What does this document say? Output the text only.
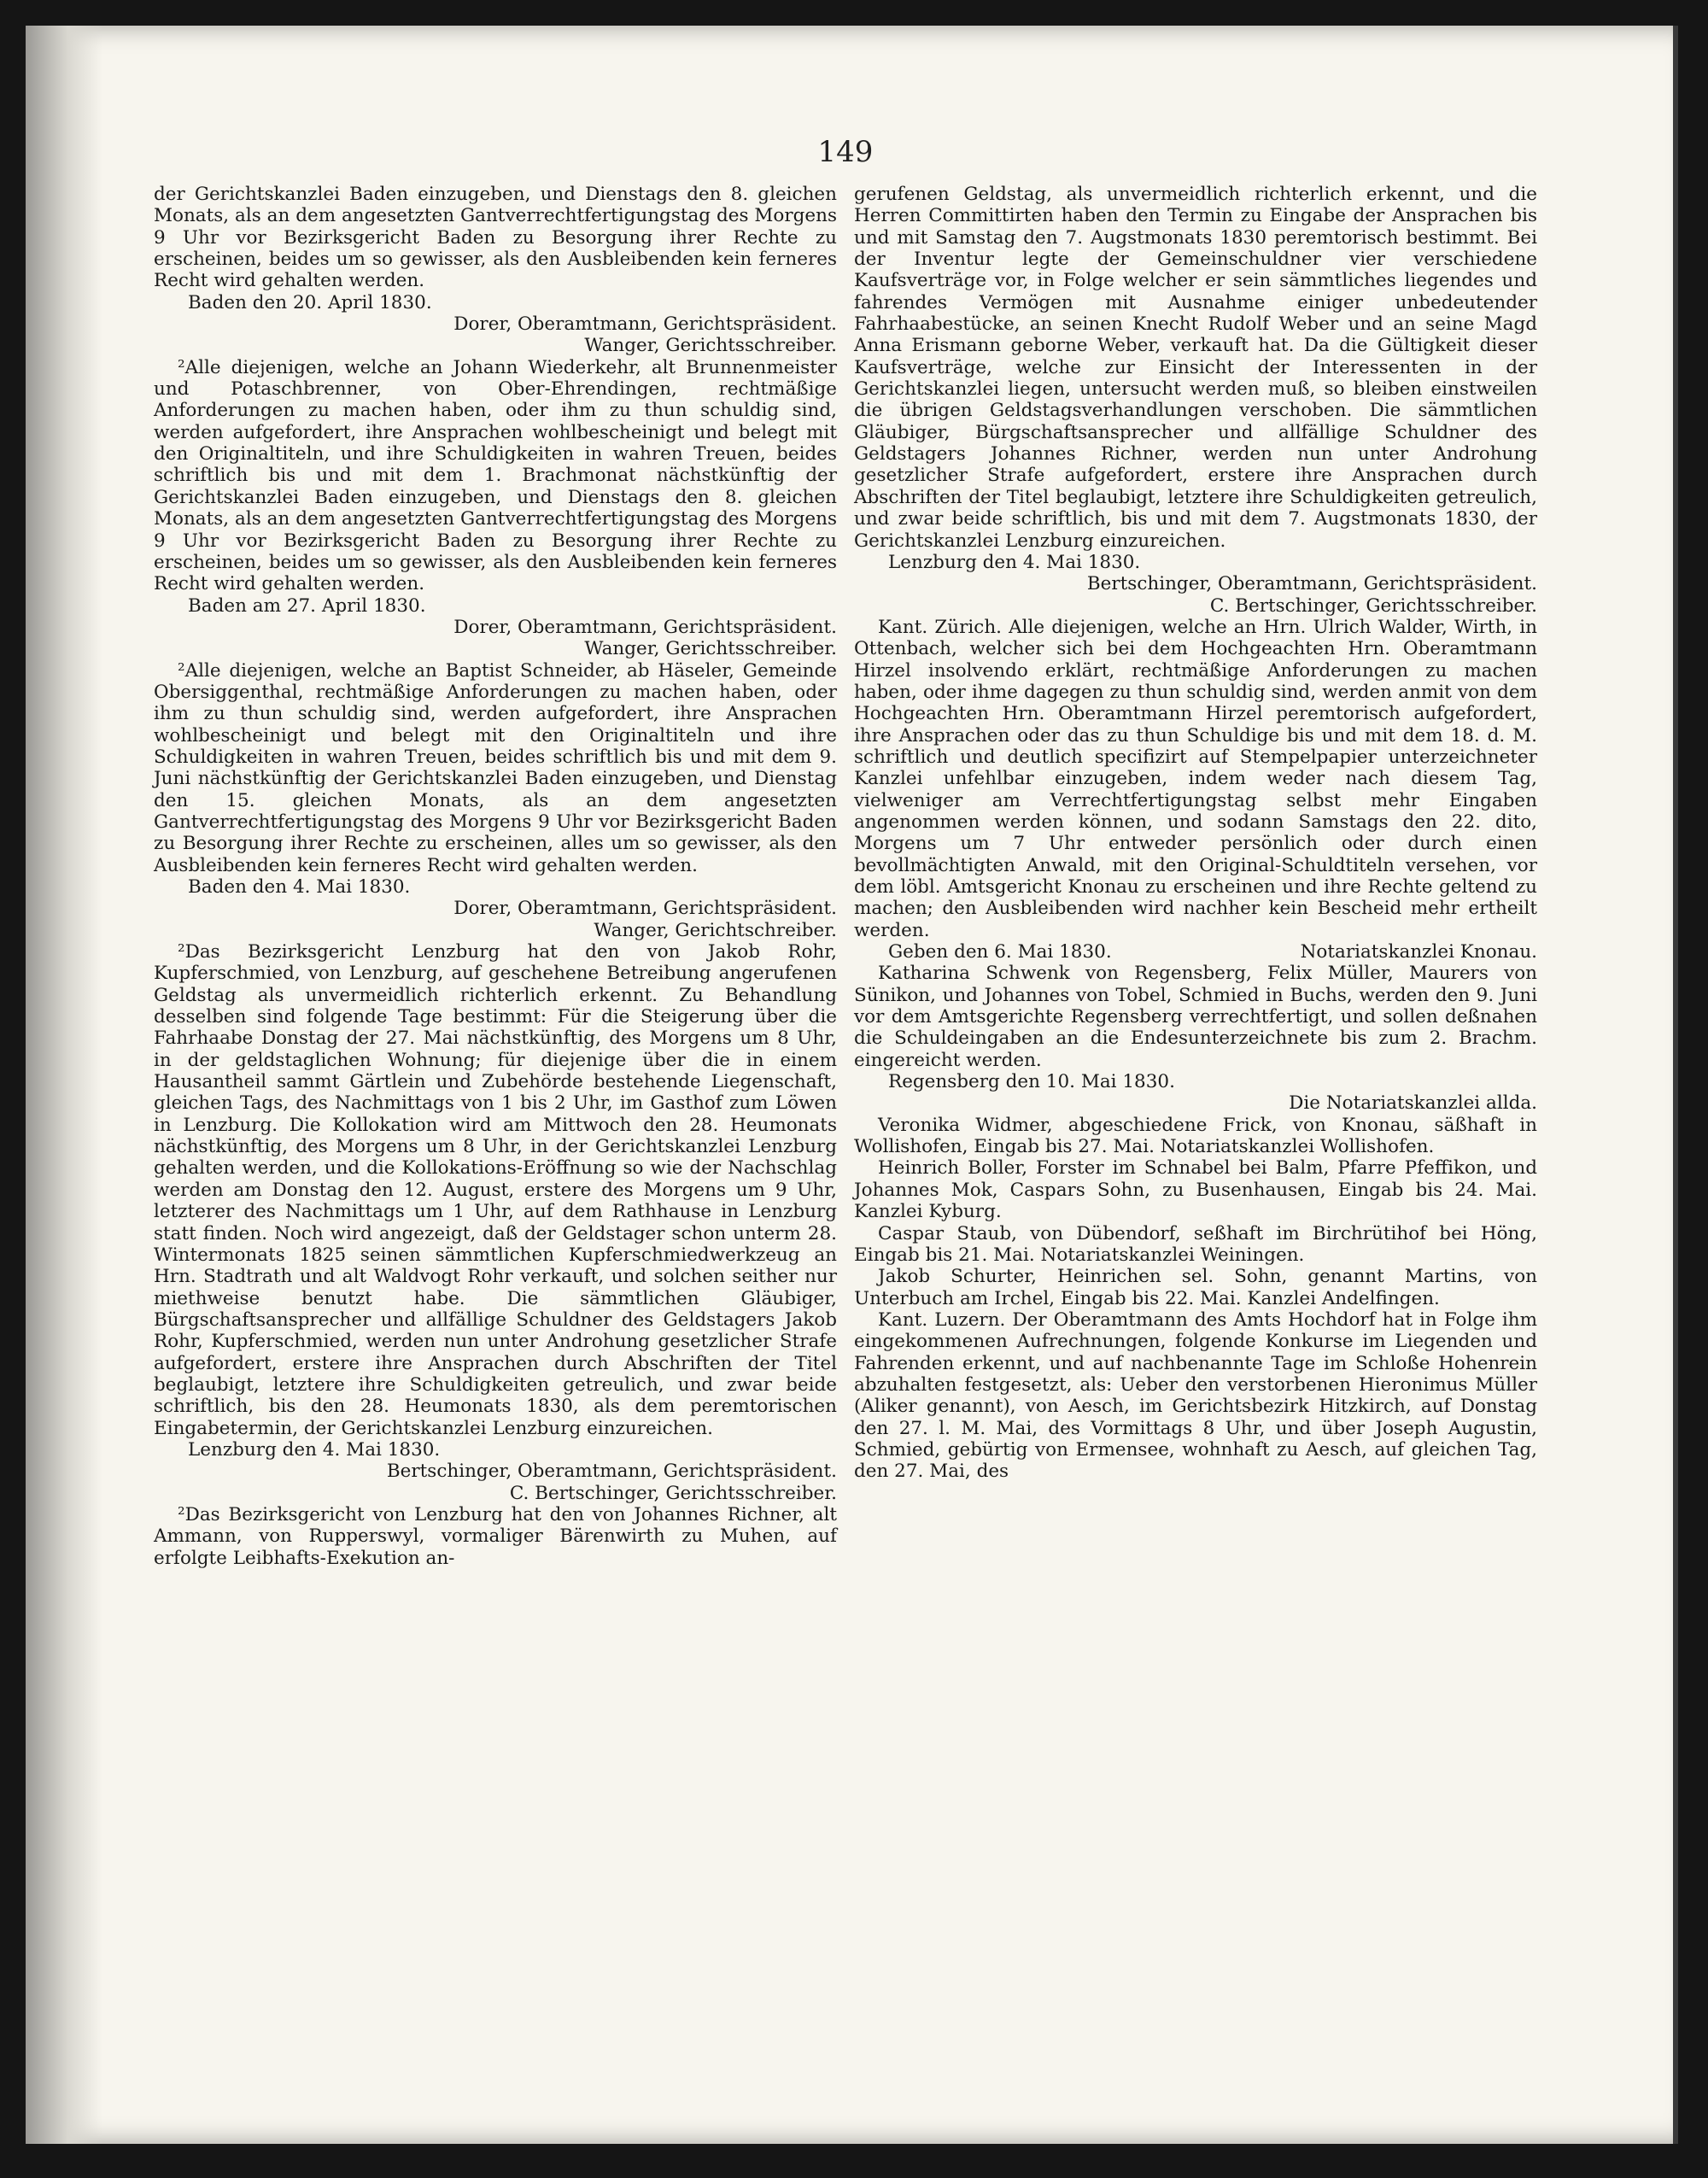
149

der Gerichtskanzlei Baden einzugeben, und Dienstags den 8. gleichen Monats, als an dem angesetzten Gantverrechtfertigungstag des Morgens 9 Uhr vor Bezirksgericht Baden zu Besorgung ihrer Rechte zu erscheinen, beides um so gewisser, als den Ausbleibenden kein ferneres Recht wird gehalten werden.

Baden den 20. April 1830.

Dorer, Oberamtmann, Gerichtspräsident.

Wanger, Gerichtsschreiber.

²Alle diejenigen, welche an Johann Wiederkehr, alt Brunnenmeister und Potaschbrenner, von Ober-Ehrendingen, rechtmäßige Anforderungen zu machen haben, oder ihm zu thun schuldig sind, werden aufgefordert, ihre Ansprachen wohlbescheinigt und belegt mit den Originaltiteln, und ihre Schuldigkeiten in wahren Treuen, beides schriftlich bis und mit dem 1. Brachmonat nächstkünftig der Gerichtskanzlei Baden einzugeben, und Dienstags den 8. gleichen Monats, als an dem angesetzten Gantverrechtfertigungstag des Morgens 9 Uhr vor Bezirksgericht Baden zu Besorgung ihrer Rechte zu erscheinen, beides um so gewisser, als den Ausbleibenden kein ferneres Recht wird gehalten werden.

Baden am 27. April 1830.

Dorer, Oberamtmann, Gerichtspräsident.

Wanger, Gerichtsschreiber.

²Alle diejenigen, welche an Baptist Schneider, ab Häseler, Gemeinde Obersiggenthal, rechtmäßige Anforderungen zu machen haben, oder ihm zu thun schuldig sind, werden aufgefordert, ihre Ansprachen wohlbescheinigt und belegt mit den Originaltiteln und ihre Schuldigkeiten in wahren Treuen, beides schriftlich bis und mit dem 9. Juni nächstkünftig der Gerichtskanzlei Baden einzugeben, und Dienstag den 15. gleichen Monats, als an dem angesetzten Gantverrechtfertigungstag des Morgens 9 Uhr vor Bezirksgericht Baden zu Besorgung ihrer Rechte zu erscheinen, alles um so gewisser, als den Ausbleibenden kein ferneres Recht wird gehalten werden.

Baden den 4. Mai 1830.

Dorer, Oberamtmann, Gerichtspräsident.

Wanger, Gerichtschreiber.

²Das Bezirksgericht Lenzburg hat den von Jakob Rohr, Kupferschmied, von Lenzburg, auf geschehene Betreibung angerufenen Geldstag als unvermeidlich richterlich erkennt. Zu Behandlung desselben sind folgende Tage bestimmt: Für die Steigerung über die Fahrhaabe Donstag der 27. Mai nächstkünftig, des Morgens um 8 Uhr, in der geldstaglichen Wohnung; für diejenige über die in einem Hausantheil sammt Gärtlein und Zubehörde bestehende Liegenschaft, gleichen Tags, des Nachmittags von 1 bis 2 Uhr, im Gasthof zum Löwen in Lenzburg. Die Kollokation wird am Mittwoch den 28. Heumonats nächstkünftig, des Morgens um 8 Uhr, in der Gerichtskanzlei Lenzburg gehalten werden, und die Kollokations-Eröffnung so wie der Nachschlag werden am Donstag den 12. August, erstere des Morgens um 9 Uhr, letzterer des Nachmittags um 1 Uhr, auf dem Rathhause in Lenzburg statt finden. Noch wird angezeigt, daß der Geldstager schon unterm 28. Wintermonats 1825 seinen sämmtlichen Kupferschmiedwerkzeug an Hrn. Stadtrath und alt Waldvogt Rohr verkauft, und solchen seither nur miethweise benutzt habe. Die sämmtlichen Gläubiger, Bürgschaftsansprecher und allfällige Schuldner des Geldstagers Jakob Rohr, Kupferschmied, werden nun unter Androhung gesetzlicher Strafe aufgefordert, erstere ihre Ansprachen durch Abschriften der Titel beglaubigt, letztere ihre Schuldigkeiten getreulich, und zwar beide schriftlich, bis den 28. Heumonats 1830, als dem peremtorischen Eingabetermin, der Gerichtskanzlei Lenzburg einzureichen.

Lenzburg den 4. Mai 1830.

Bertschinger, Oberamtmann, Gerichtspräsident.

C. Bertschinger, Gerichtsschreiber.

²Das Bezirksgericht von Lenzburg hat den von Johannes Richner, alt Ammann, von Rupperswyl, vormaliger Bärenwirth zu Muhen, auf erfolgte Leibhafts-Exekution an-

gerufenen Geldstag, als unvermeidlich richterlich erkennt, und die Herren Committirten haben den Termin zu Eingabe der Ansprachen bis und mit Samstag den 7. Augstmonats 1830 peremtorisch bestimmt. Bei der Inventur legte der Gemeinschuldner vier verschiedene Kaufsverträge vor, in Folge welcher er sein sämmtliches liegendes und fahrendes Vermögen mit Ausnahme einiger unbedeutender Fahrhaabestücke, an seinen Knecht Rudolf Weber und an seine Magd Anna Erismann geborne Weber, verkauft hat. Da die Gültigkeit dieser Kaufsverträge, welche zur Einsicht der Interessenten in der Gerichtskanzlei liegen, untersucht werden muß, so bleiben einstweilen die übrigen Geldstagsverhandlungen verschoben. Die sämmtlichen Gläubiger, Bürgschaftsansprecher und allfällige Schuldner des Geldstagers Johannes Richner, werden nun unter Androhung gesetzlicher Strafe aufgefordert, erstere ihre Ansprachen durch Abschriften der Titel beglaubigt, letztere ihre Schuldigkeiten getreulich, und zwar beide schriftlich, bis und mit dem 7. Augstmonats 1830, der Gerichtskanzlei Lenzburg einzureichen.

Lenzburg den 4. Mai 1830.

Bertschinger, Oberamtmann, Gerichtspräsident.

C. Bertschinger, Gerichtsschreiber.

Kant. Zürich. Alle diejenigen, welche an Hrn. Ulrich Walder, Wirth, in Ottenbach, welcher sich bei dem Hochgeachten Hrn. Oberamtmann Hirzel insolvendo erklärt, rechtmäßige Anforderungen zu machen haben, oder ihme dagegen zu thun schuldig sind, werden anmit von dem Hochgeachten Hrn. Oberamtmann Hirzel peremtorisch aufgefordert, ihre Ansprachen oder das zu thun Schuldige bis und mit dem 18. d. M. schriftlich und deutlich specifizirt auf Stempelpapier unterzeichneter Kanzlei unfehlbar einzugeben, indem weder nach diesem Tag, vielweniger am Verrechtfertigungstag selbst mehr Eingaben angenommen werden können, und sodann Samstags den 22. dito, Morgens um 7 Uhr entweder persönlich oder durch einen bevollmächtigten Anwald, mit den Original-Schuldtiteln versehen, vor dem löbl. Amtsgericht Knonau zu erscheinen und ihre Rechte geltend zu machen; den Ausbleibenden wird nachher kein Bescheid mehr ertheilt werden.

Geben den 6. Mai 1830.	Notariatskanzlei Knonau.

Katharina Schwenk von Regensberg, Felix Müller, Maurers von Sünikon, und Johannes von Tobel, Schmied in Buchs, werden den 9. Juni vor dem Amtsgerichte Regensberg verrechtfertigt, und sollen deßnahen die Schuldeingaben an die Endesunterzeichnete bis zum 2. Brachm. eingereicht werden.

Regensberg den 10. Mai 1830.

Die Notariatskanzlei allda.

Veronika Widmer, abgeschiedene Frick, von Knonau, säßhaft in Wollishofen, Eingab bis 27. Mai. Notariatskanzlei Wollishofen.

Heinrich Boller, Forster im Schnabel bei Balm, Pfarre Pfeffikon, und Johannes Mok, Caspars Sohn, zu Busenhausen, Eingab bis 24. Mai. Kanzlei Kyburg.

Caspar Staub, von Dübendorf, seßhaft im Birchrütihof bei Höng, Eingab bis 21. Mai. Notariatskanzlei Weiningen.

Jakob Schurter, Heinrichen sel. Sohn, genannt Martins, von Unterbuch am Irchel, Eingab bis 22. Mai. Kanzlei Andelfingen.

Kant. Luzern. Der Oberamtmann des Amts Hochdorf hat in Folge ihm eingekommenen Aufrechnungen, folgende Konkurse im Liegenden und Fahrenden erkennt, und auf nachbenannte Tage im Schloße Hohenrein abzuhalten festgesetzt, als: Ueber den verstorbenen Hieronimus Müller (Aliker genannt), von Aesch, im Gerichtsbezirk Hitzkirch, auf Donstag den 27. l. M. Mai, des Vormittags 8 Uhr, und über Joseph Augustin, Schmied, gebürtig von Ermensee, wohnhaft zu Aesch, auf gleichen Tag, den 27. Mai, des
